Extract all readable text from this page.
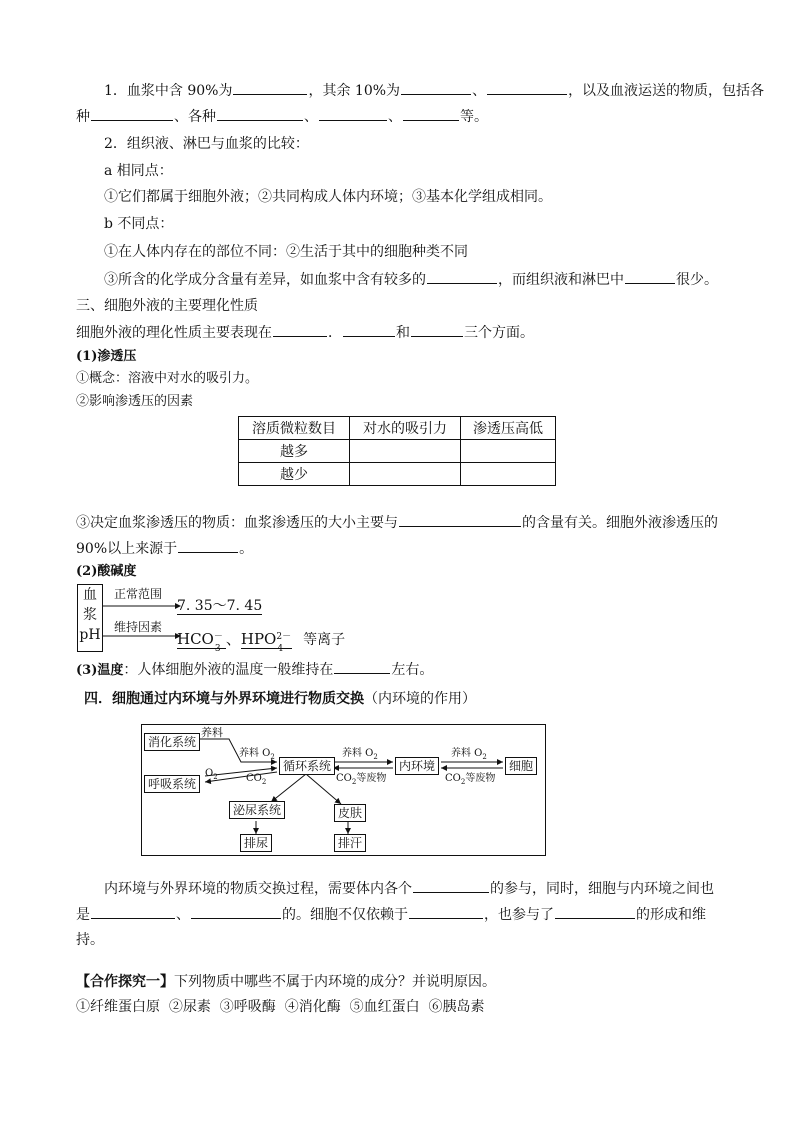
1．血浆中含 90%为	，其余 10%为	、	，以及血液运送的物质，包括各
种	、各种	、	、	等。
2．组织液、淋巴与血浆的比较：
a 相同点：
①它们都属于细胞外液；②共同构成人体内环境；③基本化学组成相同。
b 不同点：
①在人体内存在的部位不同：②生活于其中的细胞种类不同
③所含的化学成分含量有差异，如血浆中含有较多的	，而组织液和淋巴中	很少。
三、细胞外液的主要理化性质
细胞外液的理化性质主要表现在	．	和	三个方面。
(1)渗透压
①概念：溶液中对水的吸引力。
②影响渗透压的因素
溶质微粒数目	对水的吸引力	渗透压高低
越多		
越少		
③决定血浆渗透压的物质：血浆渗透压的大小主要与	的含量有关。细胞外液渗透压的
90%以上来源于	。
(2)酸碱度
血
浆
pH
正常范围
7. 35～7. 45
维持因素
HCO －
3
、HPO 2－
4
等离子
(3)温度：人体细胞外液的温度一般维持在	左右。
四．细胞通过内环境与外界环境进行物质交换（内环境的作用）
消化系统
呼吸系统
循环系统	内环境	细胞
泌尿系统	皮肤
排尿	排汗
养料
养料 $O_2$
$CO_2$
$O_2$
养料 $O_2$
$CO_2$等废物
养料 $O_2$
$CO_2$等废物
内环境与外界环境的物质交换过程，需要体内各个	的参与，同时，细胞与内环境之间也
是	、	的。细胞不仅依赖于	，也参与了	的形成和维
持。
【合作探究一】下列物质中哪些不属于内环境的成分？并说明原因。
①纤维蛋白原  ②尿素  ③呼吸酶  ④消化酶  ⑤血红蛋白  ⑥胰岛素
